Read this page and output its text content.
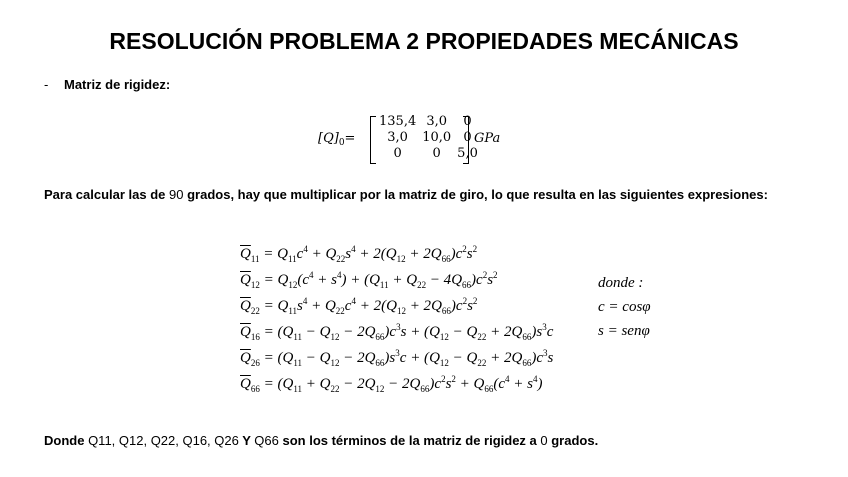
RESOLUCIÓN PROBLEMA 2 PROPIEDADES MECÁNICAS
- Matriz de rigidez:
$[Q]_0=$
135,4	3,0	0
3,0	10,0	0
0	0	5,0
GPa
Para calcular las de 90 grados, hay que multiplicar por la matriz de giro, lo que resulta en las siguientes expresiones:
$\overline{Q}_{11} = Q_{11}c^4 + Q_{22}s^4 + 2(Q_{12} + 2Q_{66})c^2s^2$
$\overline{Q}_{12} = Q_{12}(c^4 + s^4) + (Q_{11} + Q_{22} - 4Q_{66})c^2s^2$
$\overline{Q}_{22} = Q_{11}s^4 + Q_{22}c^4 + 2(Q_{12} + 2Q_{66})c^2s^2$
$\overline{Q}_{16} = (Q_{11} - Q_{12} - 2Q_{66})c^3s + (Q_{12} - Q_{22} + 2Q_{66})s^3c$
$\overline{Q}_{26} = (Q_{11} - Q_{12} - 2Q_{66})s^3c + (Q_{12} - Q_{22} + 2Q_{66})c^3s$
$\overline{Q}_{66} = (Q_{11} + Q_{22} - 2Q_{12} - 2Q_{66})c^2s^2 + Q_{66}(c^4 + s^4)$
donde :
c = cosφ
s = senφ
Donde Q11, Q12, Q22, Q16, Q26 Y Q66 son los términos de la matriz de rigidez a 0 grados.
